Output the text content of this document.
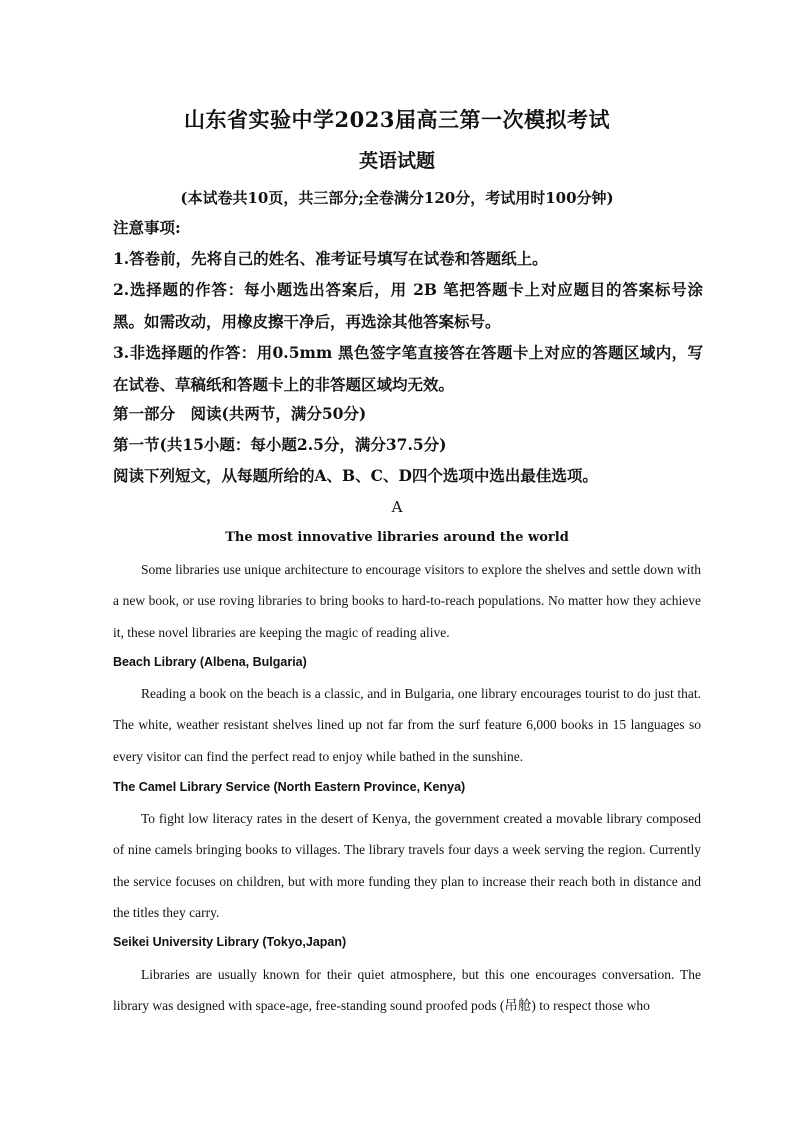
山东省实验中学2023届高三第一次模拟考试
英语试题
(本试卷共10页，共三部分;全卷满分120分，考试用时100分钟)
注意事项:
1.答卷前，先将自己的姓名、准考证号填写在试卷和答题纸上。
2.选择题的作答：每小题选出答案后，用 2B 笔把答题卡上对应题目的答案标号涂黑。如需改动，用橡皮擦干净后，再选涂其他答案标号。
3.非选择题的作答：用0.5mm 黑色签字笔直接答在答题卡上对应的答题区域内，写在试卷、草稿纸和答题卡上的非答题区域均无效。
第一部分　阅读(共两节，满分50分)
第一节(共15小题：每小题2.5分，满分37.5分)
阅读下列短文，从每题所给的A、B、C、D四个选项中选出最佳选项。
A
The most innovative libraries around the world

Some libraries use unique architecture to encourage visitors to explore the shelves and settle down with a new book, or use roving libraries to bring books to hard-to-reach populations. No matter how they achieve it, these novel libraries are keeping the magic of reading alive.

Beach Library (Albena, Bulgaria)

Reading a book on the beach is a classic, and in Bulgaria, one library encourages tourist to do just that. The white, weather resistant shelves lined up not far from the surf feature 6,000 books in 15 languages so every visitor can find the perfect read to enjoy while bathed in the sunshine.

The Camel Library Service (North Eastern Province, Kenya)

To fight low literacy rates in the desert of Kenya, the government created a movable library composed of nine camels bringing books to villages. The library travels four days a week serving the region. Currently the service focuses on children, but with more funding they plan to increase their reach both in distance and the titles they carry.

Seikei University Library (Tokyo,Japan)

Libraries are usually known for their quiet atmosphere, but this one encourages conversation. The library was designed with space-age, free-standing sound proofed pods (吊舱) to respect those who
